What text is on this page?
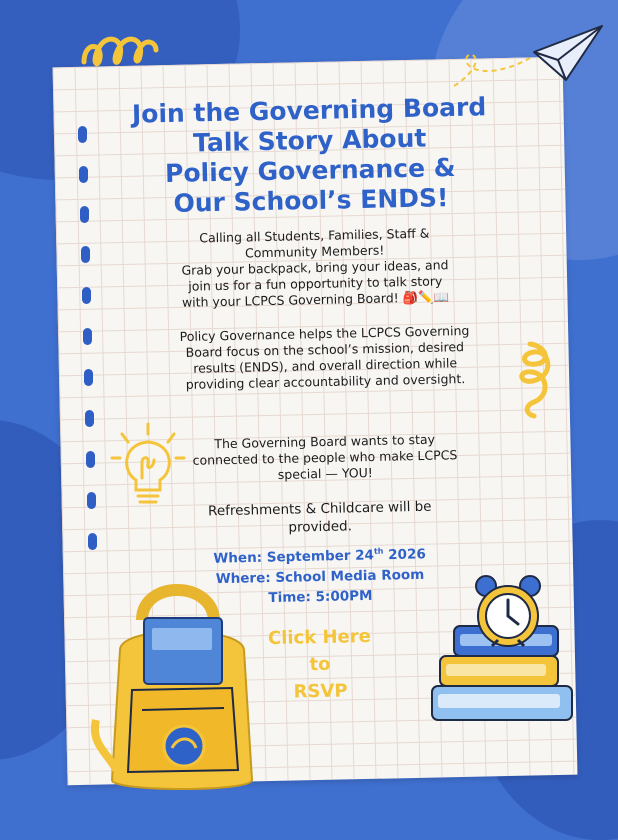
Join the Governing Board
Talk Story About
Policy Governance &
Our School’s ENDS!
Calling all Students, Families, Staff &
Community Members!
Grab your backpack, bring your ideas, and
join us for a fun opportunity to talk story
with your LCPCS Governing Board! 🎒✏️📖
Policy Governance helps the LCPCS Governing
Board focus on the school’s mission, desired
results (ENDS), and overall direction while
providing clear accountability and oversight.
The Governing Board wants to stay
connected to the people who make LCPCS
special — YOU!
Refreshments & Childcare will be
provided.
When: September 24th 2026
Where: School Media Room
Time: 5:00PM
Click Here
to
RSVP
